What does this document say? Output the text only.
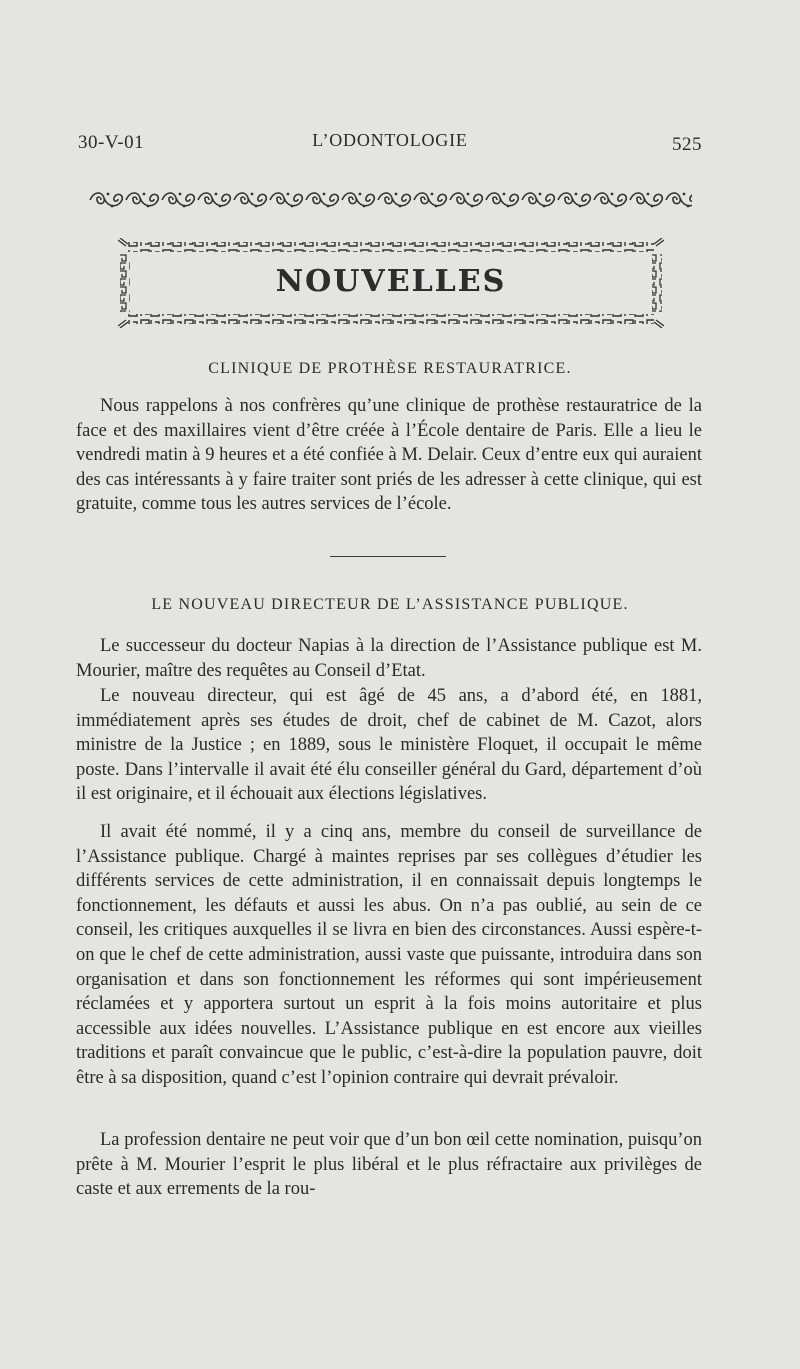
30-V-01	L’ODONTOLOGIE	525
NOUVELLES
CLINIQUE DE PROTHÈSE RESTAURATRICE.

Nous rappelons à nos confrères qu’une clinique de prothèse restauratrice de la face et des maxillaires vient d’être créée à l’École dentaire de Paris. Elle a lieu le vendredi matin à 9 heures et a été confiée à M. Delair. Ceux d’entre eux qui auraient des cas intéressants à y faire traiter sont priés de les adresser à cette clinique, qui est gratuite, comme tous les autres services de l’école.

LE NOUVEAU DIRECTEUR DE L’ASSISTANCE PUBLIQUE.

Le successeur du docteur Napias à la direction de l’Assistance publique est M. Mourier, maître des requêtes au Conseil d’Etat.

Le nouveau directeur, qui est âgé de 45 ans, a d’abord été, en 1881, immédiatement après ses études de droit, chef de cabinet de M. Cazot, alors ministre de la Justice ; en 1889, sous le ministère Floquet, il occupait le même poste. Dans l’intervalle il avait été élu conseiller général du Gard, département d’où il est originaire, et il échouait aux élections législatives.

Il avait été nommé, il y a cinq ans, membre du conseil de surveillance de l’Assistance publique. Chargé à maintes reprises par ses collègues d’étudier les différents services de cette administration, il en connaissait depuis longtemps le fonctionnement, les défauts et aussi les abus. On n’a pas oublié, au sein de ce conseil, les critiques auxquelles il se livra en bien des circonstances. Aussi espère-t-on que le chef de cette administration, aussi vaste que puissante, introduira dans son organisation et dans son fonctionnement les réformes qui sont impérieusement réclamées et y apportera surtout un esprit à la fois moins autoritaire et plus accessible aux idées nouvelles. L’Assistance publique en est encore aux vieilles traditions et paraît convaincue que le public, c’est-à-dire la population pauvre, doit être à sa disposition, quand c’est l’opinion contraire qui devrait prévaloir.

La profession dentaire ne peut voir que d’un bon œil cette nomination, puisqu’on prête à M. Mourier l’esprit le plus libéral et le plus réfractaire aux privilèges de caste et aux errements de la rou-
